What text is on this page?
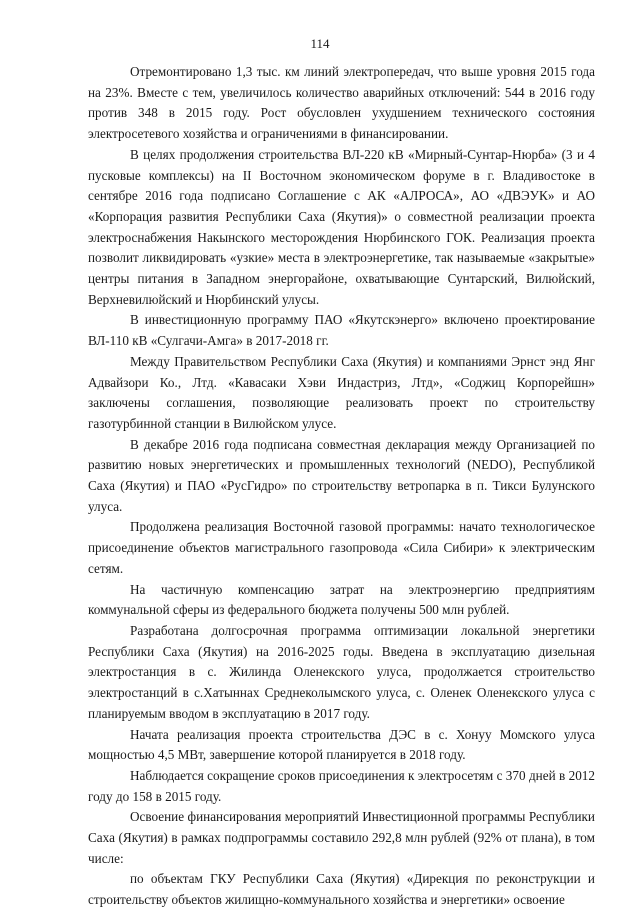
114

Отремонтировано 1,3 тыс. км линий электропередач, что выше уровня 2015 года на 23%. Вместе с тем, увеличилось количество аварийных отключений: 544 в 2016 году против 348 в 2015 году. Рост обусловлен ухудшением технического состояния электросетевого хозяйства и ограничениями в финансировании.

В целях продолжения строительства ВЛ-220 кВ «Мирный-Сунтар-Нюрба» (3 и 4 пусковые комплексы) на II Восточном экономическом форуме в г. Владивостоке в сентябре 2016 года подписано Соглашение с АК «АЛРОСА», АО «ДВЭУК» и АО «Корпорация развития Республики Саха (Якутия)» о совместной реализации проекта электроснабжения Накынского месторождения Нюрбинского ГОК. Реализация проекта позволит ликвидировать «узкие» места в электроэнергетике, так называемые «закрытые» центры питания в Западном энергорайоне, охватывающие Сунтарский, Вилюйский, Верхневилюйский и Нюрбинский улусы.

В инвестиционную программу ПАО «Якутскэнерго» включено проектирование ВЛ-110 кВ «Сулгачи-Амга» в 2017-2018 гг.

Между Правительством Республики Саха (Якутия) и компаниями Эрнст энд Янг Адвайзори Ко., Лтд. «Кавасаки Хэви Индастриз, Лтд», «Соджиц Корпорейшн» заключены соглашения, позволяющие реализовать проект по строительству газотурбинной станции в Вилюйском улусе.

В декабре 2016 года подписана совместная декларация между Организацией по развитию новых энергетических и промышленных технологий (NEDO), Республикой Саха (Якутия) и ПАО «РусГидро» по строительству ветропарка в п. Тикси Булунского улуса.

Продолжена реализация Восточной газовой программы: начато технологическое присоединение объектов магистрального газопровода «Сила Сибири» к электрическим сетям.

На частичную компенсацию затрат на электроэнергию предприятиям
коммунальной сферы из федерального бюджета получены 500 млн рублей.

Разработана долгосрочная программа оптимизации локальной энергетики Республики Саха (Якутия) на 2016-2025 годы. Введена в эксплуатацию дизельная электростанция в с. Жилинда Оленекского улуса, продолжается строительство электростанций в с.Хатыннах Среднеколымского улуса, с. Оленек Оленекского улуса с планируемым вводом в эксплуатацию в 2017 году.

Начата реализация проекта строительства ДЭС в с. Хонуу Момского улуса мощностью 4,5 МВт, завершение которой планируется в 2018 году.

Наблюдается сокращение сроков присоединения к электросетям с 370 дней в 2012 году до 158 в 2015 году.

Освоение финансирования мероприятий Инвестиционной программы Республики Саха (Якутия) в рамках подпрограммы составило 292,8 млн рублей (92% от плана), в том числе:

по объектам ГКУ Республики Саха (Якутия) «Дирекция по реконструкции и строительству объектов жилищно-коммунального хозяйства и энергетики» освоение
